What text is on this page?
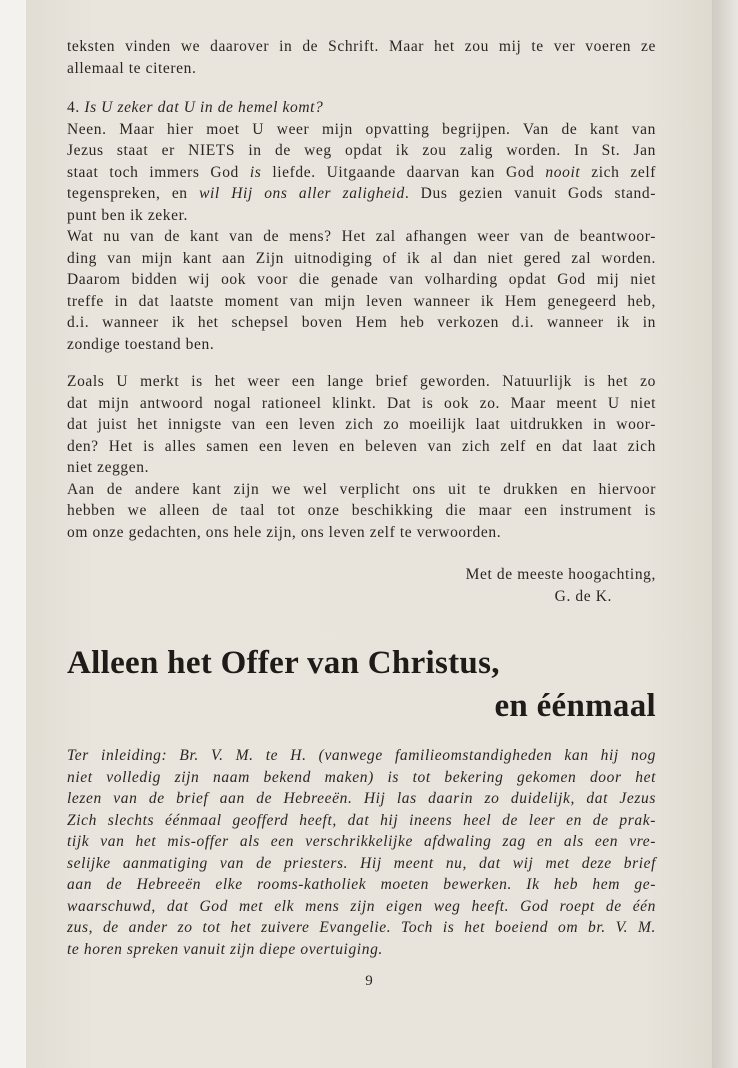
teksten vinden we daarover in de Schrift. Maar het zou mij te ver voeren ze
allemaal te citeren.
4. Is U zeker dat U in de hemel komt?
Neen. Maar hier moet U weer mijn opvatting begrijpen. Van de kant van
Jezus staat er NIETS in de weg opdat ik zou zalig worden. In St. Jan
staat toch immers God is liefde. Uitgaande daarvan kan God nooit zich zelf
tegenspreken, en wil Hij ons aller zaligheid. Dus gezien vanuit Gods stand-
punt ben ik zeker.
Wat nu van de kant van de mens? Het zal afhangen weer van de beantwoor-
ding van mijn kant aan Zijn uitnodiging of ik al dan niet gered zal worden.
Daarom bidden wij ook voor die genade van volharding opdat God mij niet
treffe in dat laatste moment van mijn leven wanneer ik Hem genegeerd heb,
d.i. wanneer ik het schepsel boven Hem heb verkozen d.i. wanneer ik in
zondige toestand ben.
Zoals U merkt is het weer een lange brief geworden. Natuurlijk is het zo
dat mijn antwoord nogal rationeel klinkt. Dat is ook zo. Maar meent U niet
dat juist het innigste van een leven zich zo moeilijk laat uitdrukken in woor-
den? Het is alles samen een leven en beleven van zich zelf en dat laat zich
niet zeggen.
Aan de andere kant zijn we wel verplicht ons uit te drukken en hiervoor
hebben we alleen de taal tot onze beschikking die maar een instrument is
om onze gedachten, ons hele zijn, ons leven zelf te verwoorden.
Met de meeste hoogachting,
G. de K.
Alleen het Offer van Christus,
en éénmaal
Ter inleiding: Br. V. M. te H. (vanwege familieomstandigheden kan hij nog
niet volledig zijn naam bekend maken) is tot bekering gekomen door het
lezen van de brief aan de Hebreeën. Hij las daarin zo duidelijk, dat Jezus
Zich slechts éénmaal geofferd heeft, dat hij ineens heel de leer en de prak-
tijk van het mis-offer als een verschrikkelijke afdwaling zag en als een vre-
selijke aanmatiging van de priesters. Hij meent nu, dat wij met deze brief
aan de Hebreeën elke rooms-katholiek moeten bewerken. Ik heb hem ge-
waarschuwd, dat God met elk mens zijn eigen weg heeft. God roept de één
zus, de ander zo tot het zuivere Evangelie. Toch is het boeiend om br. V. M.
te horen spreken vanuit zijn diepe overtuiging.
9
